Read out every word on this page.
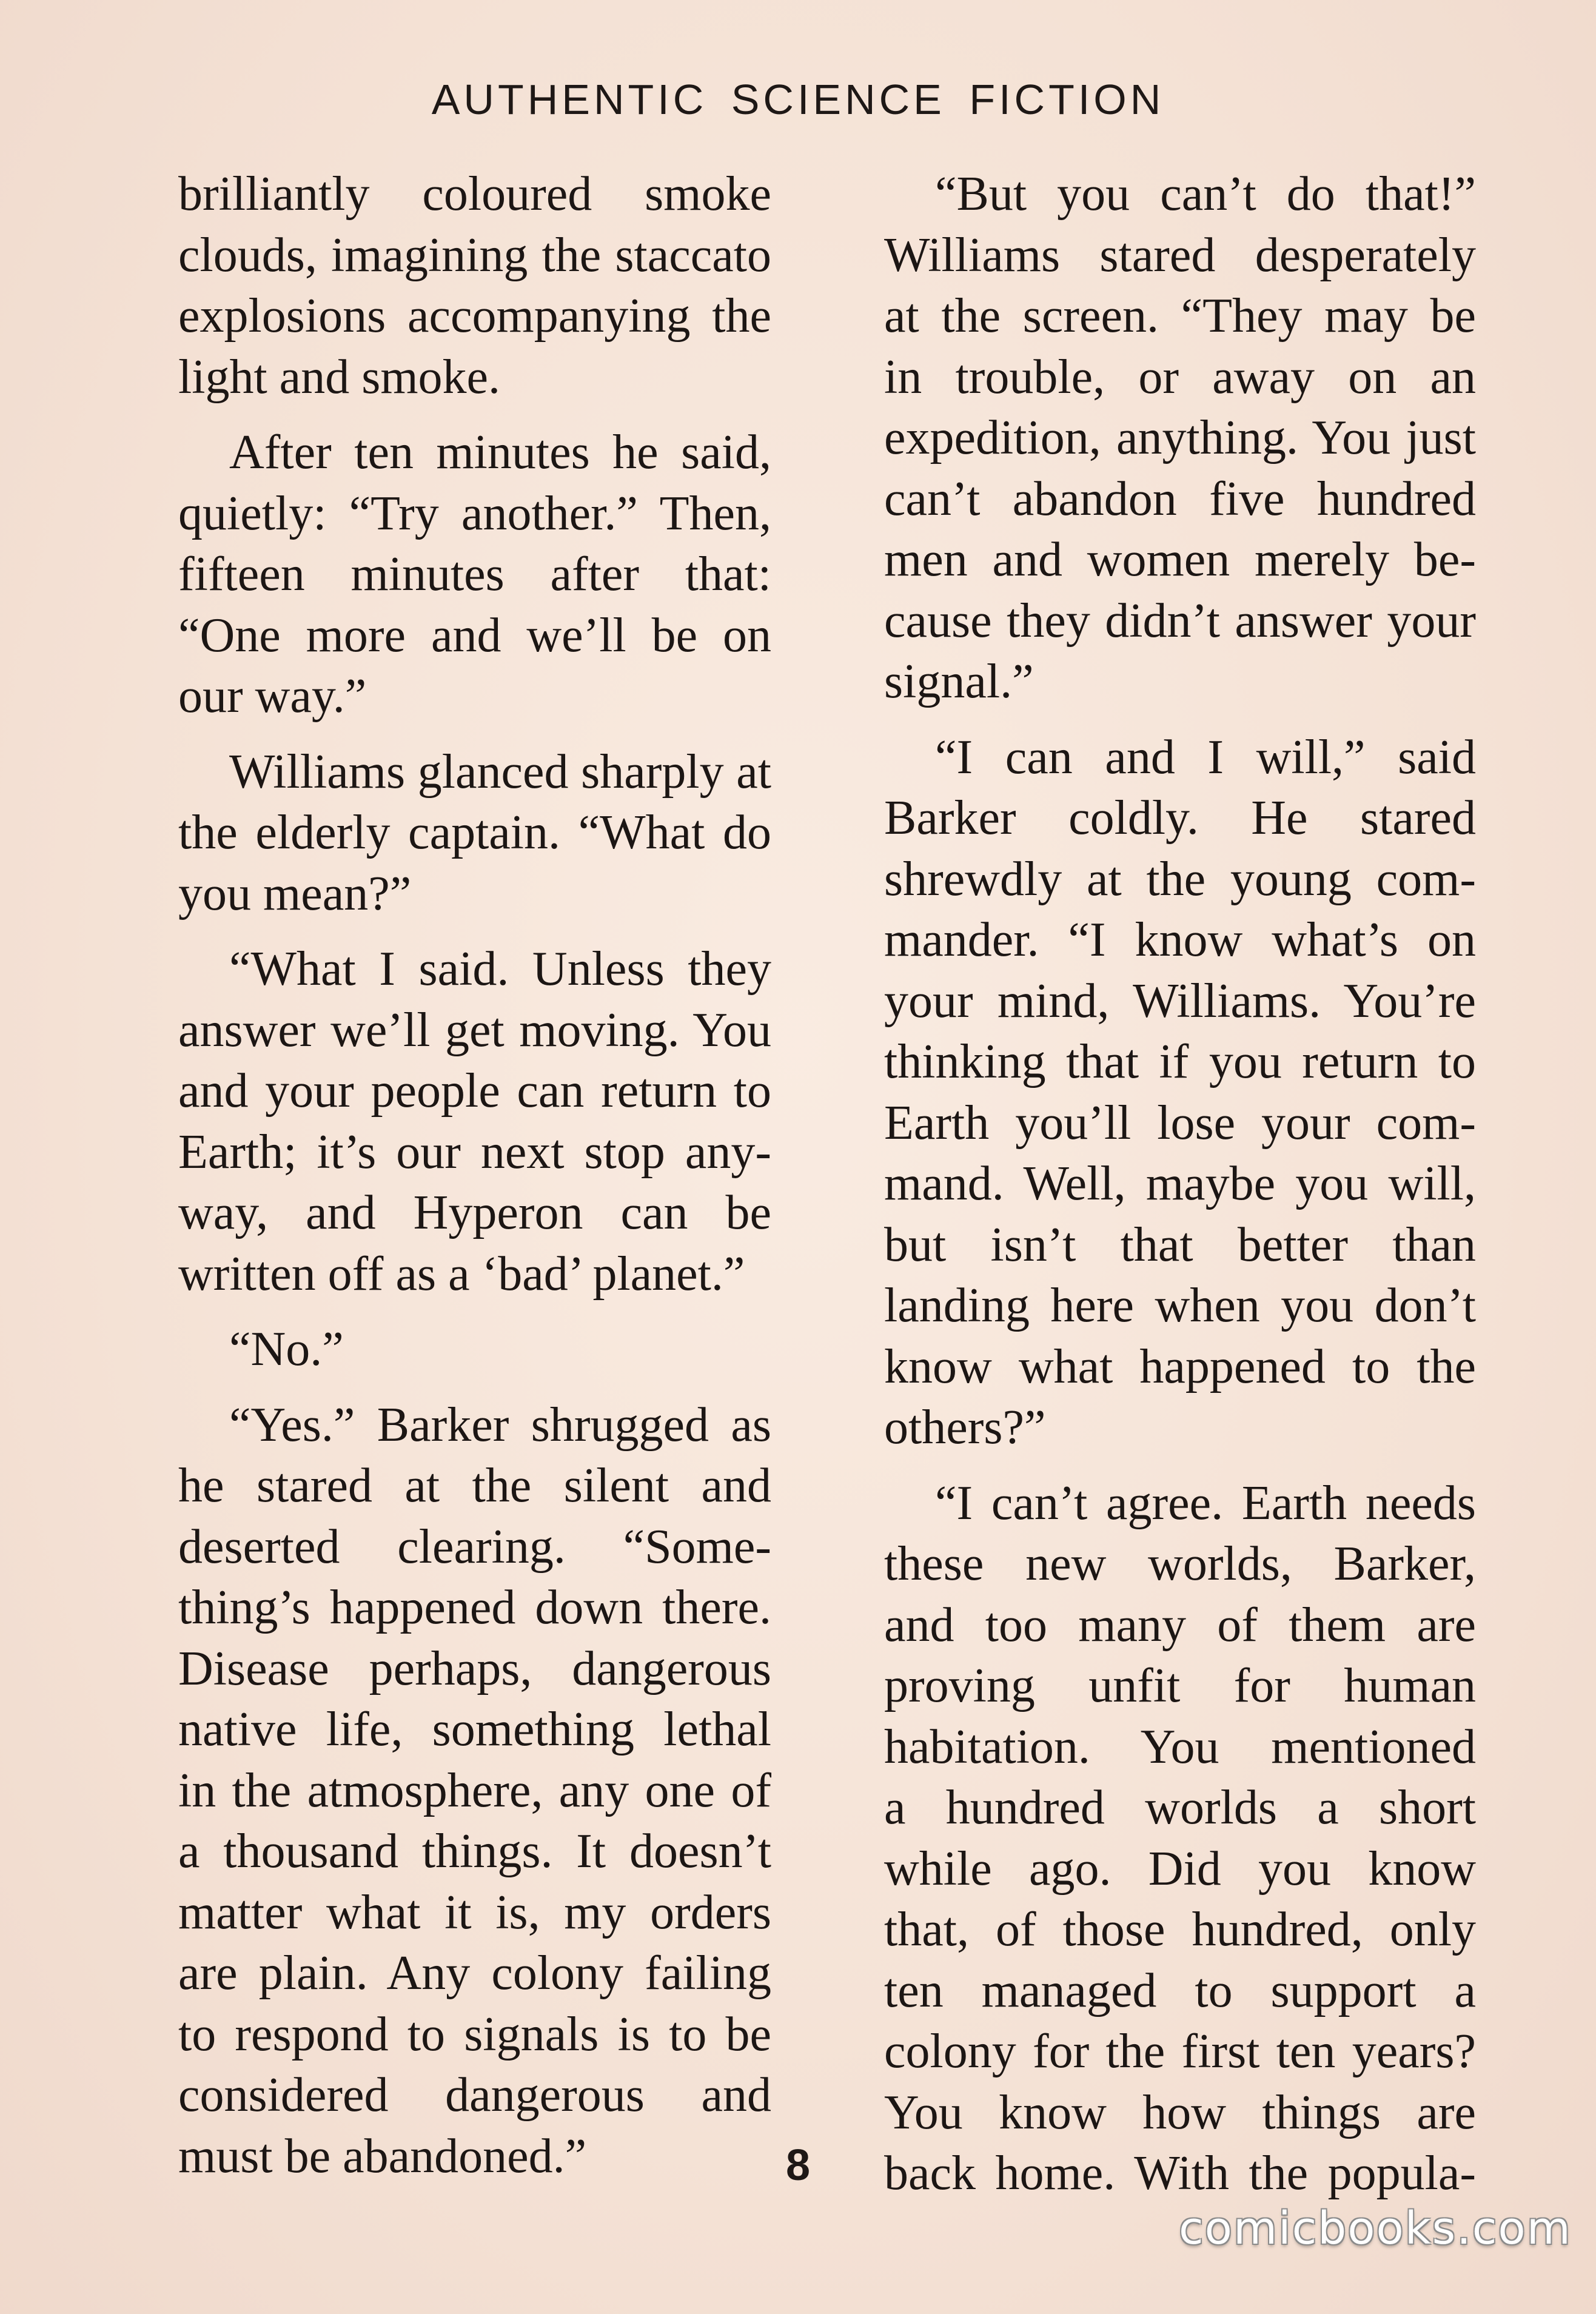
AUTHENTIC SCIENCE FICTION
brilliantly coloured smoke
clouds, imagining the staccato
explosions accompanying the
light and smoke.
After ten minutes he said,
quietly: “Try another.” Then,
fifteen minutes after that:
“One more and we’ll be on
our way.”
Williams glanced sharply at
the elderly captain. “What do
you mean?”
“What I said. Unless they
answer we’ll get moving. You
and your people can return to
Earth; it’s our next stop any-
way, and Hyperon can be
written off as a ‘bad’ planet.”
“No.”
“Yes.” Barker shrugged as
he stared at the silent and
deserted clearing. “Some-
thing’s happened down there.
Disease perhaps, dangerous
native life, something lethal
in the atmosphere, any one of
a thousand things. It doesn’t
matter what it is, my orders
are plain. Any colony failing
to respond to signals is to be
considered dangerous and
must be abandoned.”
“But you can’t do that!”
Williams stared desperately
at the screen. “They may be
in trouble, or away on an
expedition, anything. You just
can’t abandon five hundred
men and women merely be-
cause they didn’t answer your
signal.”
“I can and I will,” said
Barker coldly. He stared
shrewdly at the young com-
mander. “I know what’s on
your mind, Williams. You’re
thinking that if you return to
Earth you’ll lose your com-
mand. Well, maybe you will,
but isn’t that better than
landing here when you don’t
know what happened to the
others?”
“I can’t agree. Earth needs
these new worlds, Barker,
and too many of them are
proving unfit for human
habitation. You mentioned
a hundred worlds a short
while ago. Did you know
that, of those hundred, only
ten managed to support a
colony for the first ten years?
You know how things are
back home. With the popula-
8
comicbooks.com
